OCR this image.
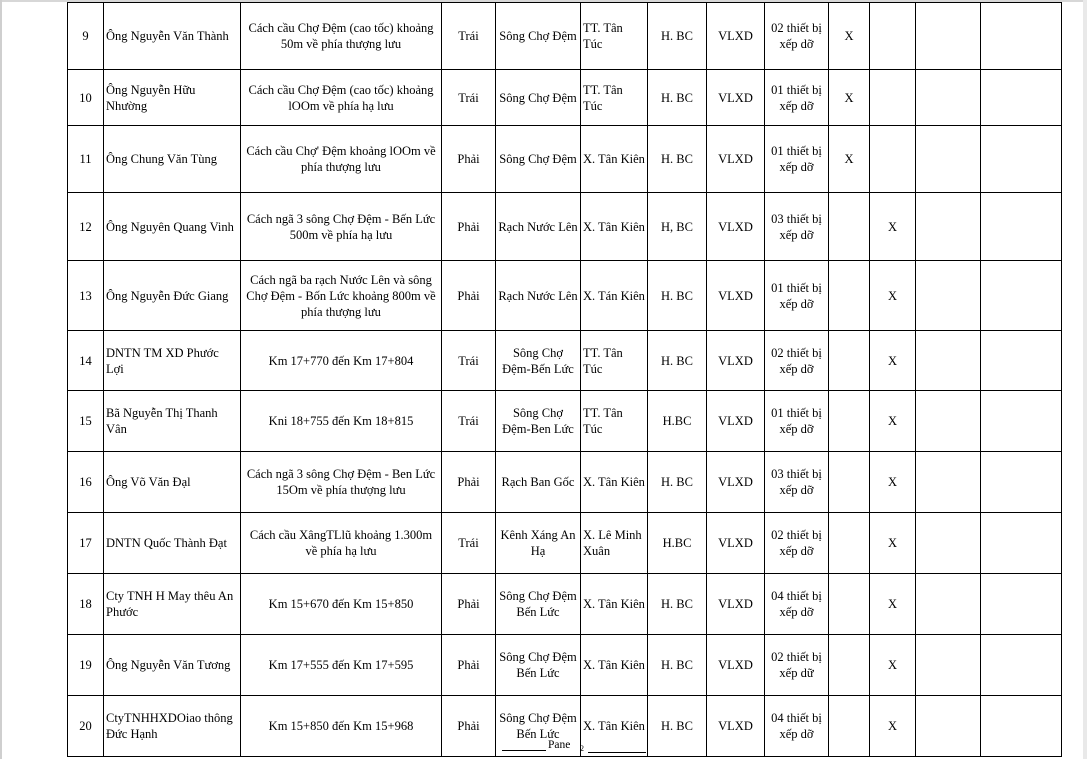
9	Ông Nguyễn Văn Thành	Cách cầu Chợ Đệm (cao tốc) khoảng 50m về phía thượng lưu	Trái	Sông Chợ Đệm	TT. Tân Túc	H. BC	VLXD	02 thiết bị xếp dỡ	X			
10	Ông Nguyễn Hữu Nhường	Cách cầu Chợ Đệm (cao tốc) khoảng lOOm về phía hạ lưu	Trái	Sông Chợ Đệm	TT. Tân Túc	H. BC	VLXD	01 thiết bị xếp dỡ	X			
11	Ông Chung Văn Tùng	Cách cầu Chợ' Đệm khoảng lOOm về phía thượng lưu	Phải	Sông Chợ Đệm	X. Tân Kiên	H. BC	VLXD	01 thiết bị xếp dỡ	X			
12	Ông Nguyên Quang Vinh	Cách ngã 3 sông Chợ Đệm - Bến Lức 500m về phía hạ lưu	Phải	Rạch Nước Lên	X. Tân Kiên	H, BC	VLXD	03 thiết bị xếp dỡ		X		
13	Ông Nguyễn Đức Giang	Cách ngã ba rạch Nước Lên và sông Chợ Đệm - Bốn Lức khoảng 800m về phía thượng lưu	Phải	Rạch Nước Lên	X. Tán Kiên	H. BC	VLXD	01 thiết bị xếp dỡ		X		
14	DNTN TM XD Phước Lợi	Km 17+770 đến Km 17+804	Trái	Sông Chợ Đệm-Bến Lức	TT. Tân Túc	H. BC	VLXD	02 thiết bị xếp dỡ		X		
15	Bã Nguyễn Thị Thanh Vân	Kni 18+755 đến Km 18+815	Trái	Sông Chợ Đệm-Ben Lức	TT. Tân Túc	H.BC	VLXD	01 thiết bị xếp dỡ		X		
16	Ông Võ Văn Đạl	Cách ngã 3 sông Chợ Đệm - Ben Lức 15Om về phía thượng lưu	Phải	Rạch Ban Gốc	X. Tân Kiên	H. BC	VLXD	03 thiết bị xếp dỡ		X		
17	DNTN Quốc Thành Đạt	Cách cầu XângTLlũ khoảng 1.300m về phía hạ lưu	Trái	Kênh Xáng An Hạ	X. Lê Minh Xuân	H.BC	VLXD	02 thiết bị xếp dỡ		X		
18	Cty TNH H May thêu An Phước	Km 15+670 đến Km 15+850	Phải	Sông Chợ Đệm Bến Lức	X. Tân Kiên	H. BC	VLXD	04 thiết bị xếp dỡ		X		
19	Ông Nguyễn Văn Tương	Km 17+555 đến Km 17+595	Phải	Sông Chợ Đệm Bến Lức	X. Tân Kiên	H. BC	VLXD	02 thiết bị xếp dữ		X		
20	CtyTNHHXDOiao thông Đức Hạnh	Km 15+850 đến Km 15+968	Phải	Sông Chợ Đệm Bến Lức	X. Tân Kiên	H. BC	VLXD	04 thiết bị xếp dỡ		X		
Pane 2
